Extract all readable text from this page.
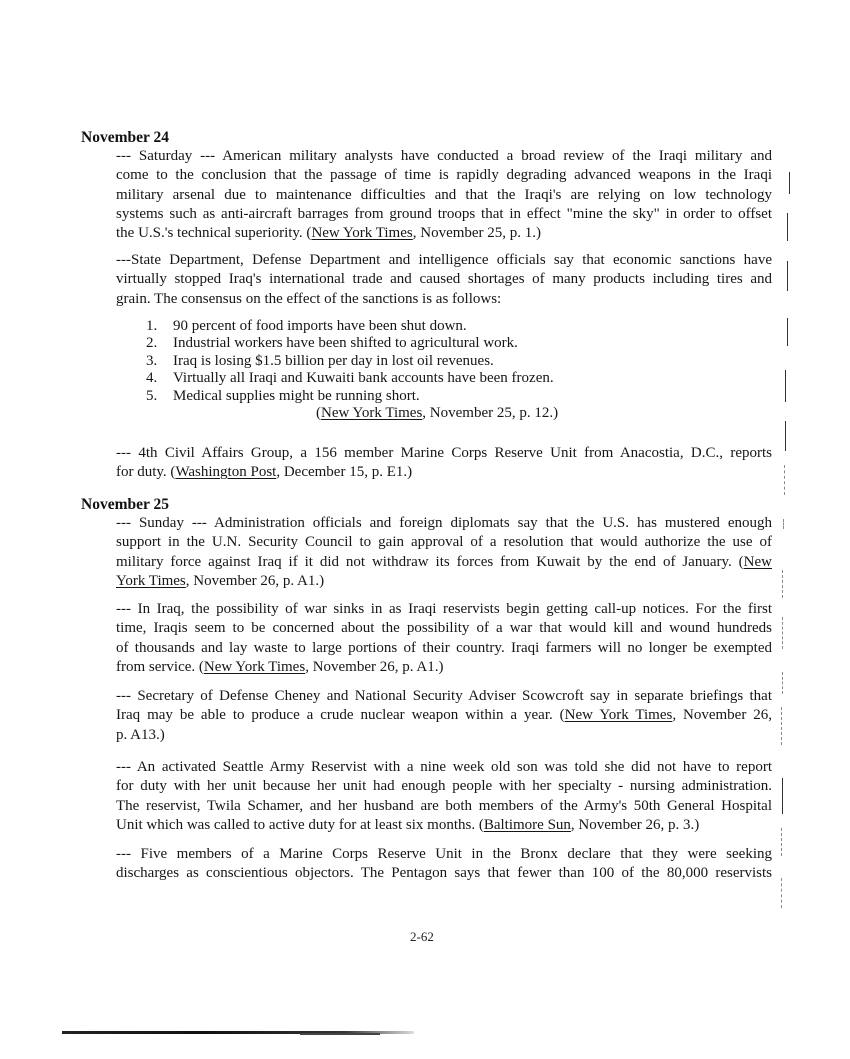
November 24
--- Saturday --- American military analysts have conducted a broad review of the Iraqi military and
come to the conclusion that the passage of time is rapidly degrading advanced weapons in the Iraqi
military arsenal due to maintenance difficulties and that the Iraqi's are relying on low technology
systems such as anti-aircraft barrages from ground troops that in effect "mine the sky" in order to offset
the U.S.'s technical superiority. (New York Times, November 25, p. 1.)
---State Department, Defense Department and intelligence officials say that economic sanctions have
virtually stopped Iraq's international trade and caused shortages of many products including tires and
grain. The consensus on the effect of the sanctions is as follows:
1.	90 percent of food imports have been shut down.
2.	Industrial workers have been shifted to agricultural work.
3.	Iraq is losing $1.5 billion per day in lost oil revenues.
4.	Virtually all Iraqi and Kuwaiti bank accounts have been frozen.
5.	Medical supplies might be running short.
(New York Times, November 25, p. 12.)
--- 4th Civil Affairs Group, a 156 member Marine Corps Reserve Unit from Anacostia, D.C., reports
for duty. (Washington Post, December 15, p. E1.)
November 25
--- Sunday --- Administration officials and foreign diplomats say that the U.S. has mustered enough
support in the U.N. Security Council to gain approval of a resolution that would authorize the use of
military force against Iraq if it did not withdraw its forces from Kuwait by the end of January. (New
York Times, November 26, p. A1.)
--- In Iraq, the possibility of war sinks in as Iraqi reservists begin getting call-up notices. For the first
time, Iraqis seem to be concerned about the possibility of a war that would kill and wound hundreds
of thousands and lay waste to large portions of their country. Iraqi farmers will no longer be exempted
from service. (New York Times, November 26, p. A1.)
--- Secretary of Defense Cheney and National Security Adviser Scowcroft say in separate briefings that
Iraq may be able to produce a crude nuclear weapon within a year. (New York Times, November 26,
p. A13.)
--- An activated Seattle Army Reservist with a nine week old son was told she did not have to report
for duty with her unit because her unit had enough people with her specialty - nursing administration.
The reservist, Twila Schamer, and her husband are both members of the Army's 50th General Hospital
Unit which was called to active duty for at least six months. (Baltimore Sun, November 26, p. 3.)
--- Five members of a Marine Corps Reserve Unit in the Bronx declare that they were seeking
discharges as conscientious objectors. The Pentagon says that fewer than 100 of the 80,000 reservists
2-62
